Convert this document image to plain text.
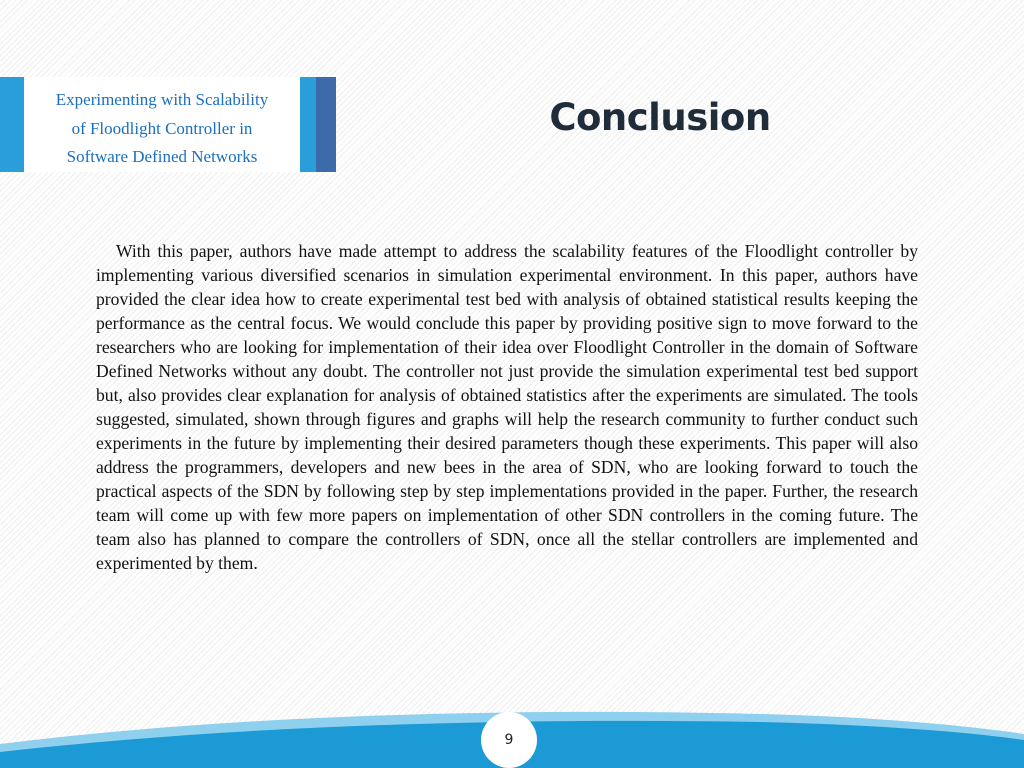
Experimenting with Scalability
of Floodlight Controller in
Software Defined Networks

Conclusion

With this paper, authors have made attempt to address the scalability features of the Floodlight controller by implementing various diversified scenarios in simulation experimental environment. In this paper, authors have provided the clear idea how to create experimental test bed with analysis of obtained statistical results keeping the performance as the central focus. We would conclude this paper by providing positive sign to move forward to the researchers who are looking for implementation of their idea over Floodlight Controller in the domain of Software Defined Networks without any doubt. The controller not just provide the simulation experimental test bed support but, also provides clear explanation for analysis of obtained statistics after the experiments are simulated. The tools suggested, simulated, shown through figures and graphs will help the research community to further conduct such experiments in the future by implementing their desired parameters though these experiments. This paper will also address the programmers, developers and new bees in the area of SDN, who are looking forward to touch the practical aspects of the SDN by following step by step implementations provided in the paper. Further, the research team will come up with few more papers on implementation of other SDN controllers in the coming future. The team also has planned to compare the controllers of SDN, once all the stellar controllers are implemented and experimented by them.

9
